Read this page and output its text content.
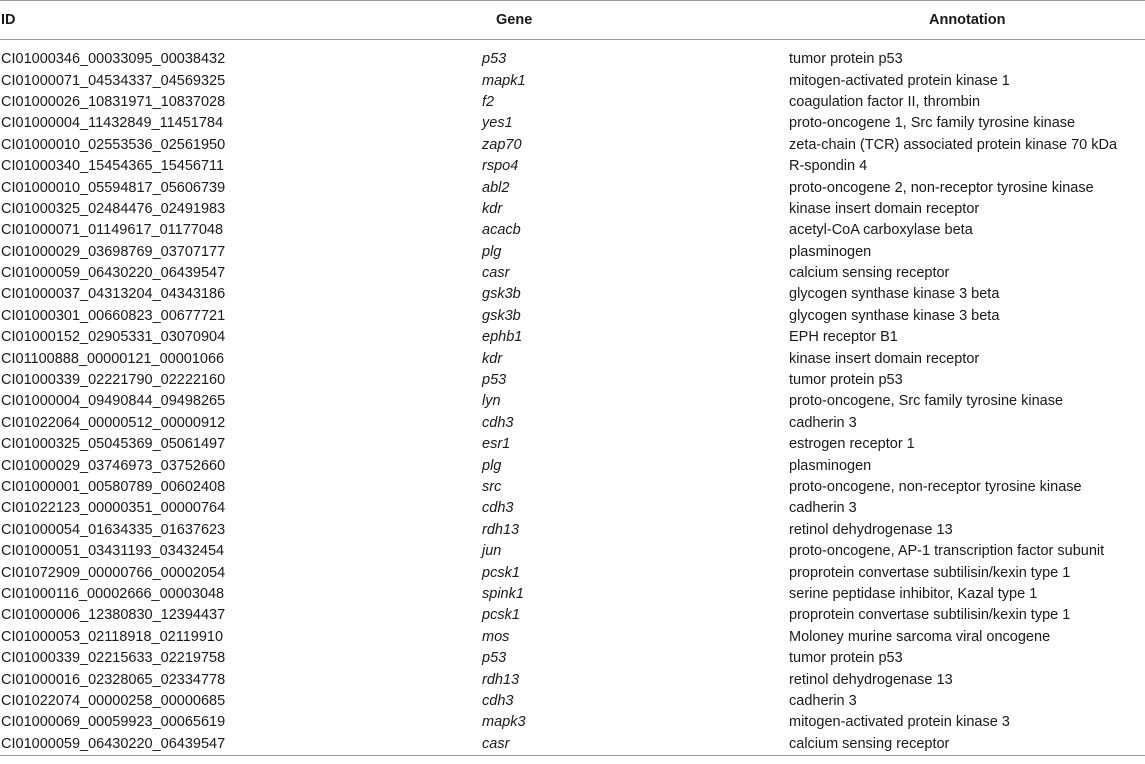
ID	Gene	Annotation

CI01000346_00033095_00038432	p53	tumor protein p53
CI01000071_04534337_04569325	mapk1	mitogen-activated protein kinase 1
CI01000026_10831971_10837028	f2	coagulation factor II, thrombin
CI01000004_11432849_11451784	yes1	proto-oncogene 1, Src family tyrosine kinase
CI01000010_02553536_02561950	zap70	zeta-chain (TCR) associated protein kinase 70 kDa
CI01000340_15454365_15456711	rspo4	R-spondin 4
CI01000010_05594817_05606739	abl2	proto-oncogene 2, non-receptor tyrosine kinase
CI01000325_02484476_02491983	kdr	kinase insert domain receptor
CI01000071_01149617_01177048	acacb	acetyl-CoA carboxylase beta
CI01000029_03698769_03707177	plg	plasminogen
CI01000059_06430220_06439547	casr	calcium sensing receptor
CI01000037_04313204_04343186	gsk3b	glycogen synthase kinase 3 beta
CI01000301_00660823_00677721	gsk3b	glycogen synthase kinase 3 beta
CI01000152_02905331_03070904	ephb1	EPH receptor B1
CI01100888_00000121_00001066	kdr	kinase insert domain receptor
CI01000339_02221790_02222160	p53	tumor protein p53
CI01000004_09490844_09498265	lyn	proto-oncogene, Src family tyrosine kinase
CI01022064_00000512_00000912	cdh3	cadherin 3
CI01000325_05045369_05061497	esr1	estrogen receptor 1
CI01000029_03746973_03752660	plg	plasminogen
CI01000001_00580789_00602408	src	proto-oncogene, non-receptor tyrosine kinase
CI01022123_00000351_00000764	cdh3	cadherin 3
CI01000054_01634335_01637623	rdh13	retinol dehydrogenase 13
CI01000051_03431193_03432454	jun	proto-oncogene, AP-1 transcription factor subunit
CI01072909_00000766_00002054	pcsk1	proprotein convertase subtilisin/kexin type 1
CI01000116_00002666_00003048	spink1	serine peptidase inhibitor, Kazal type 1
CI01000006_12380830_12394437	pcsk1	proprotein convertase subtilisin/kexin type 1
CI01000053_02118918_02119910	mos	Moloney murine sarcoma viral oncogene
CI01000339_02215633_02219758	p53	tumor protein p53
CI01000016_02328065_02334778	rdh13	retinol dehydrogenase 13
CI01022074_00000258_00000685	cdh3	cadherin 3
CI01000069_00059923_00065619	mapk3	mitogen-activated protein kinase 3
CI01000059_06430220_06439547	casr	calcium sensing receptor
